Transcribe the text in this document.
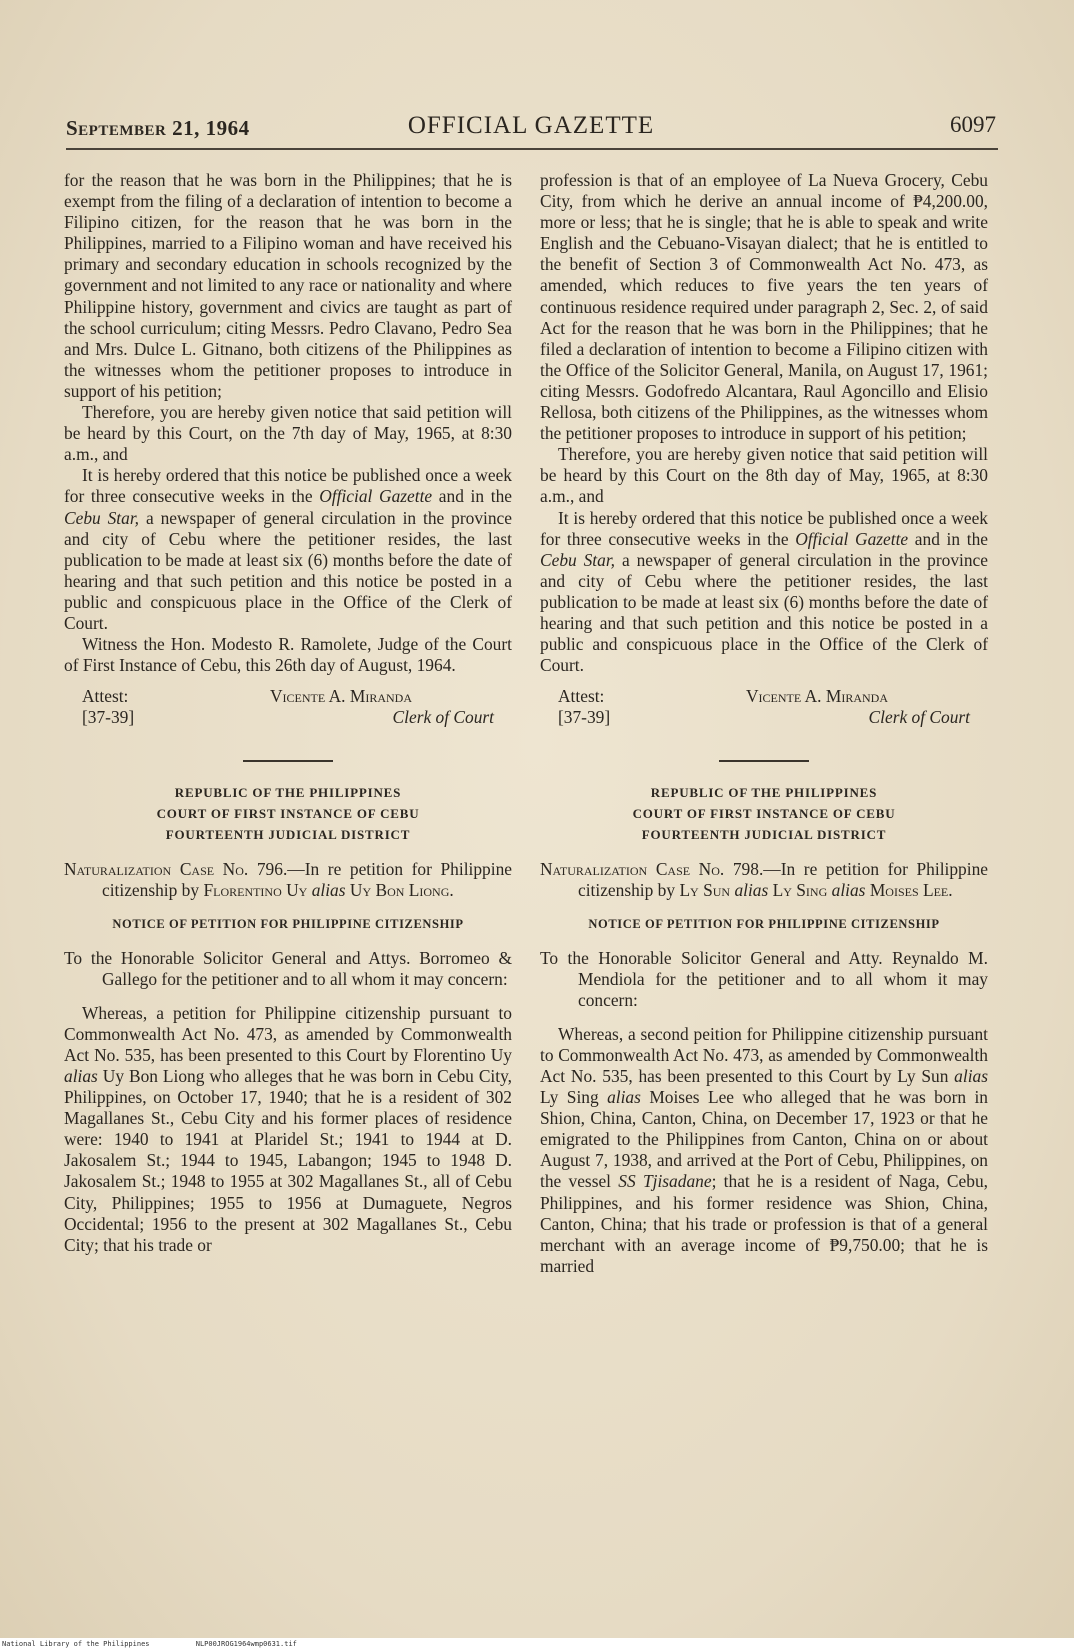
September 21, 1964	OFFICIAL GAZETTE	6097

for the reason that he was born in the Philippines; that he is exempt from the filing of a declaration of intention to become a Filipino citizen, for the reason that he was born in the Philippines, married to a Filipino woman and have received his primary and secondary education in schools recognized by the government and not limited to any race or nationality and where Philippine history, government and civics are taught as part of the school curriculum; citing Messrs. Pedro Clavano, Pedro Sea and Mrs. Dulce L. Gitnano, both citizens of the Philippines as the witnesses whom the petitioner proposes to introduce in support of his petition;

Therefore, you are hereby given notice that said petition will be heard by this Court, on the 7th day of May, 1965, at 8:30 a.m., and

It is hereby ordered that this notice be published once a week for three consecutive weeks in the Official Gazette and in the Cebu Star, a newspaper of general circulation in the province and city of Cebu where the petitioner resides, the last publication to be made at least six (6) months before the date of hearing and that such petition and this notice be posted in a public and conspicuous place in the Office of the Clerk of Court.

Witness the Hon. Modesto R. Ramolete, Judge of the Court of First Instance of Cebu, this 26th day of August, 1964.

Attest:
[37-39]
Vicente A. Miranda
Clerk of Court
REPUBLIC OF THE PHILIPPINES
COURT OF FIRST INSTANCE OF CEBU
FOURTEENTH JUDICIAL DISTRICT
Naturalization Case No. 796.—In re petition for Philippine citizenship by Florentino Uy alias Uy Bon Liong.
NOTICE OF PETITION FOR PHILIPPINE CITIZENSHIP
To the Honorable Solicitor General and Attys. Borromeo & Gallego for the petitioner and to all whom it may concern:

Whereas, a petition for Philippine citizenship pursuant to Commonwealth Act No. 473, as amended by Commonwealth Act No. 535, has been presented to this Court by Florentino Uy alias Uy Bon Liong who alleges that he was born in Cebu City, Philippines, on October 17, 1940; that he is a resident of 302 Magallanes St., Cebu City and his former places of residence were: 1940 to 1941 at Plaridel St.; 1941 to 1944 at D. Jakosalem St.; 1944 to 1945, Labangon; 1945 to 1948 D. Jakosalem St.; 1948 to 1955 at 302 Magallanes St., all of Cebu City, Philippines; 1955 to 1956 at Dumaguete, Negros Occidental; 1956 to the present at 302 Magallanes St., Cebu City; that his trade or

profession is that of an employee of La Nueva Grocery, Cebu City, from which he derive an annual income of ₱4,200.00, more or less; that he is single; that he is able to speak and write English and the Cebuano-Visayan dialect; that he is entitled to the benefit of Section 3 of Commonwealth Act No. 473, as amended, which reduces to five years the ten years of continuous residence required under paragraph 2, Sec. 2, of said Act for the reason that he was born in the Philippines; that he filed a declaration of intention to become a Filipino citizen with the Office of the Solicitor General, Manila, on August 17, 1961; citing Messrs. Godofredo Alcantara, Raul Agoncillo and Elisio Rellosa, both citizens of the Philippines, as the witnesses whom the petitioner proposes to introduce in support of his petition;

Therefore, you are hereby given notice that said petition will be heard by this Court on the 8th day of May, 1965, at 8:30 a.m., and

It is hereby ordered that this notice be published once a week for three consecutive weeks in the Official Gazette and in the Cebu Star, a newspaper of general circulation in the province and city of Cebu where the petitioner resides, the last publication to be made at least six (6) months before the date of hearing and that such petition and this notice be posted in a public and conspicuous place in the Office of the Clerk of Court.

Attest:
[37-39]
Vicente A. Miranda
Clerk of Court
REPUBLIC OF THE PHILIPPINES
COURT OF FIRST INSTANCE OF CEBU
FOURTEENTH JUDICIAL DISTRICT
Naturalization Case No. 798.—In re petition for Philippine citizenship by Ly Sun alias Ly Sing alias Moises Lee.
NOTICE OF PETITION FOR PHILIPPINE CITIZENSHIP
To the Honorable Solicitor General and Atty. Reynaldo M. Mendiola for the petitioner and to all whom it may concern:

Whereas, a second peition for Philippine citizenship pursuant to Commonwealth Act No. 473, as amended by Commonwealth Act No. 535, has been presented to this Court by Ly Sun alias Ly Sing alias Moises Lee who alleged that he was born in Shion, China, Canton, China, on December 17, 1923 or that he emigrated to the Philippines from Canton, China on or about August 7, 1938, and arrived at the Port of Cebu, Philippines, on the vessel SS Tjisadane; that he is a resident of Naga, Cebu, Philippines, and his former residence was Shion, China, Canton, China; that his trade or profession is that of a general merchant with an average income of ₱9,750.00; that he is married

National Library of the Philippines	NLP00JROG1964wmp0631.tif
